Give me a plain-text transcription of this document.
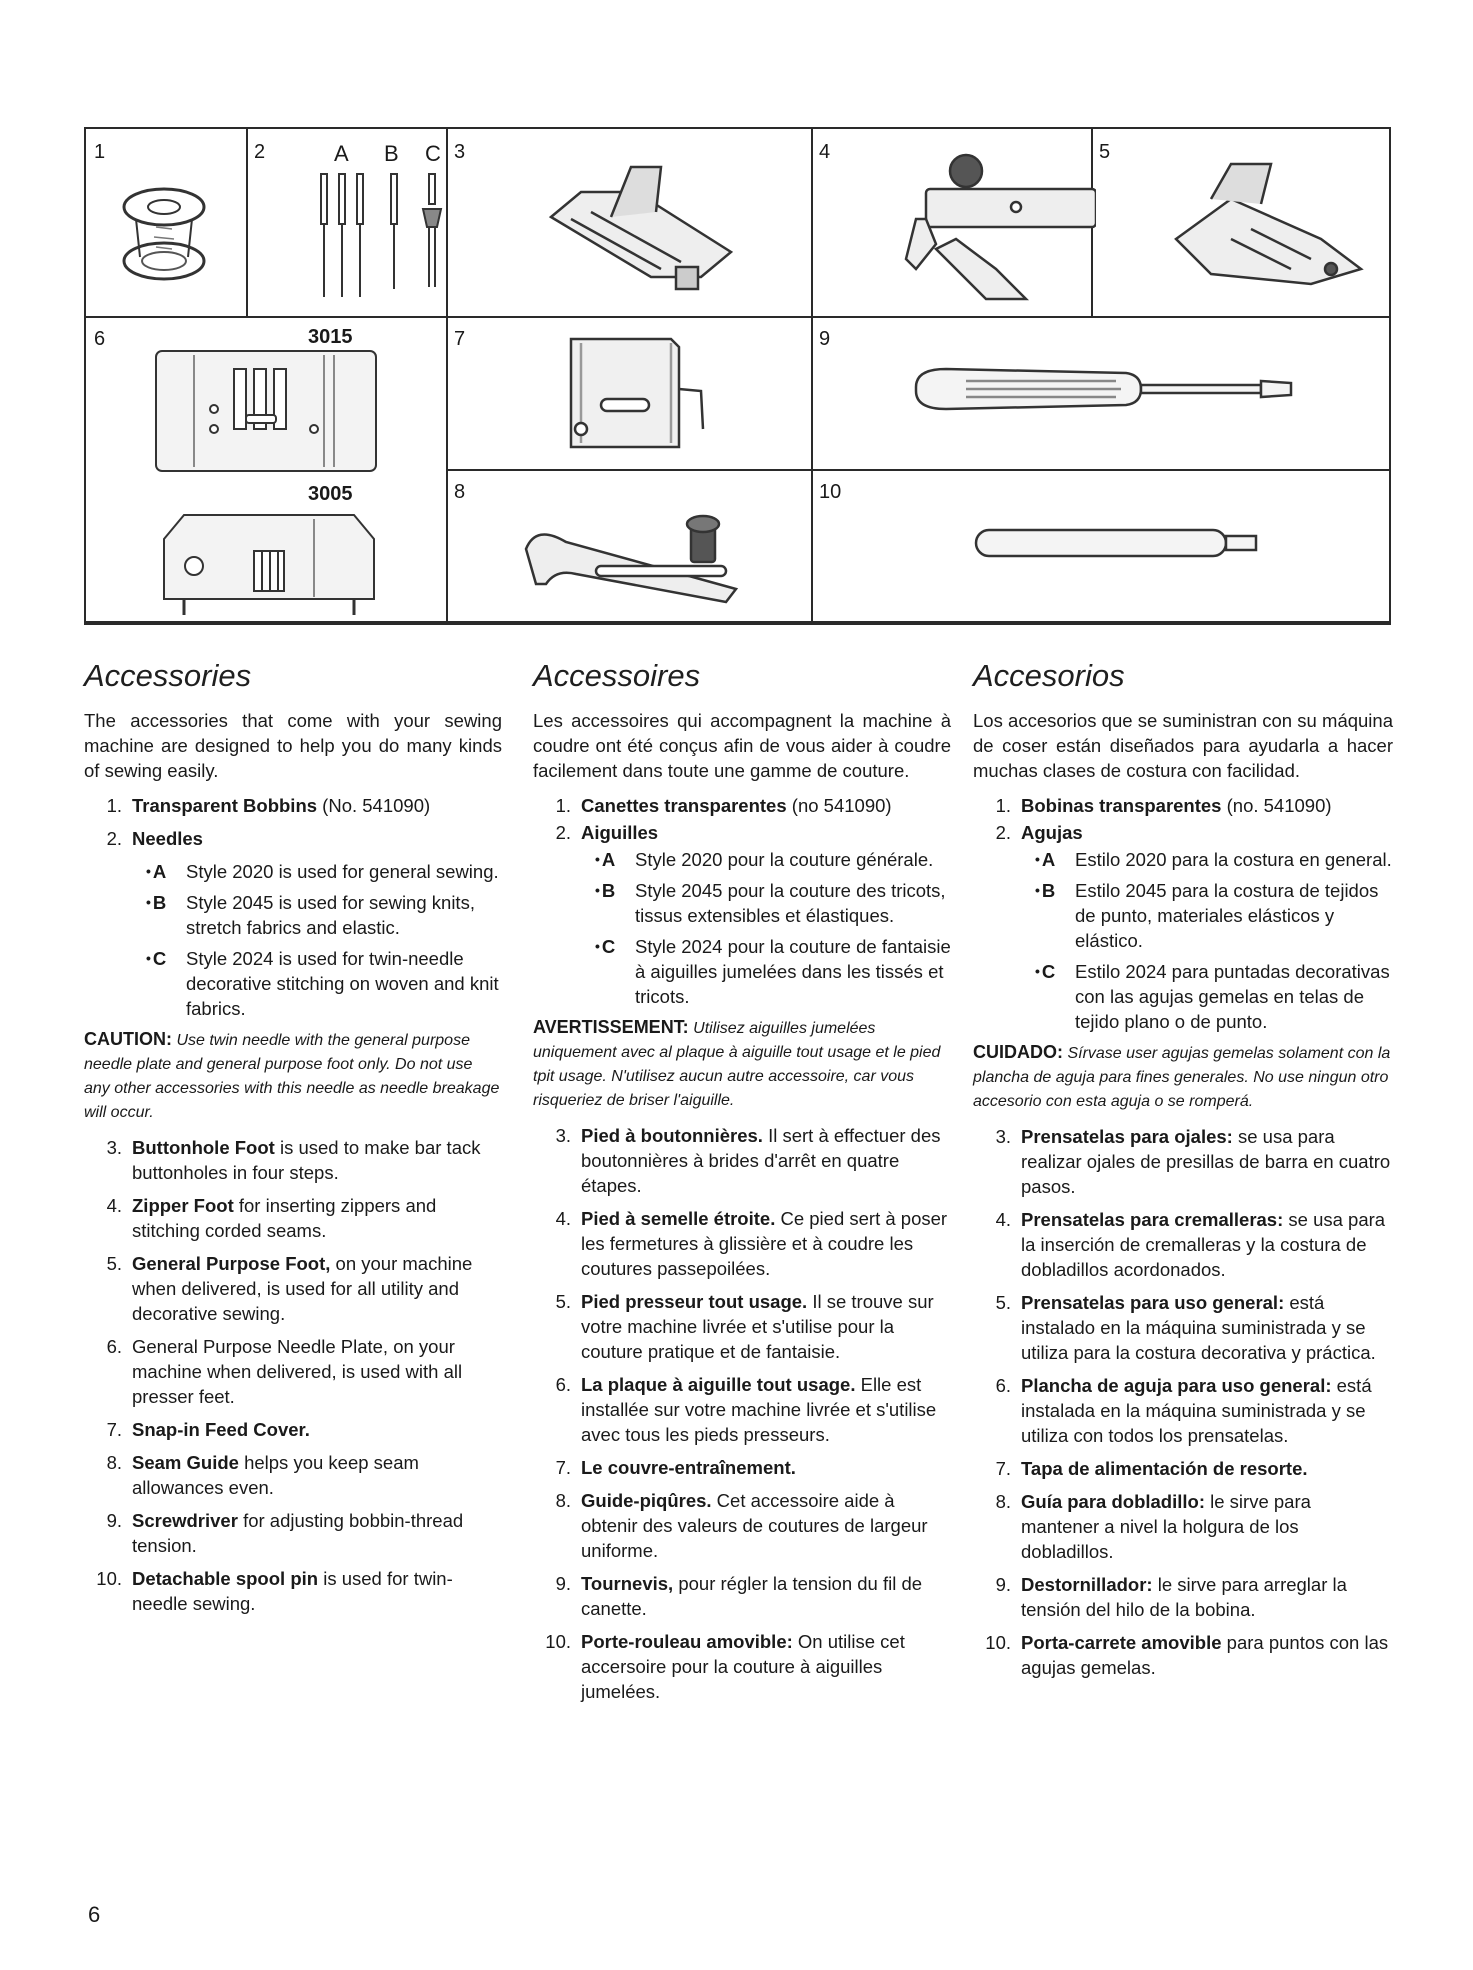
1	2	3	4	5
6	7
8
9
10
A B C
3015
3005
Accessories

The accessories that come with your sewing machine are designed to help you do many kinds of sewing easily.

1. Transparent Bobbins (No. 541090)
2. Needles
• A	Style 2020 is used for general sewing.
• B	Style 2045 is used for sewing knits, stretch fabrics and elastic.
• C	Style 2024 is used for twin-needle decorative stitching on woven and knit fabrics.
CAUTION: Use twin needle with the general purpose needle plate and general purpose foot only. Do not use any other accessories with this needle as needle breakage will occur.
3. Buttonhole Foot is used to make bar tack buttonholes in four steps.
4. Zipper Foot for inserting zippers and stitching corded seams.
5. General Purpose Foot, on your machine when delivered, is used for all utility and decorative sewing.
6. General Purpose Needle Plate, on your machine when delivered, is used with all presser feet.
7. Snap-in Feed Cover.
8. Seam Guide helps you keep seam allowances even.
9. Screwdriver for adjusting bobbin-thread tension.
10. Detachable spool pin is used for twin-needle sewing.
Accessoires

Les accessoires qui accompagnent la machine à coudre ont été conçus afin de vous aider à coudre facilement dans toute une gamme de couture.

1. Canettes transparentes (no 541090)
2. Aiguilles
• A	Style 2020 pour la couture générale.
• B	Style 2045 pour la couture des tricots, tissus extensibles et élastiques.
• C	Style 2024 pour la couture de fantaisie à aiguilles jumelées dans les tissés et tricots.
AVERTISSEMENT: Utilisez aiguilles jumelées uniquement avec al plaque à aiguille tout usage et le pied tpit usage. N'utilisez aucun autre accessoire, car vous risqueriez de briser l'aiguille.
3. Pied à boutonnières. Il sert à effectuer des boutonnières à brides d'arrêt en quatre étapes.
4. Pied à semelle étroite. Ce pied sert à poser les fermetures à glissière et à coudre les coutures passepoilées.
5. Pied presseur tout usage. Il se trouve sur votre machine livrée et s'utilise pour la couture pratique et de fantaisie.
6. La plaque à aiguille tout usage. Elle est installée sur votre machine livrée et s'utilise avec tous les pieds presseurs.
7. Le couvre-entraînement.
8. Guide-piqûres. Cet accessoire aide à obtenir des valeurs de coutures de largeur uniforme.
9. Tournevis, pour régler la tension du fil de canette.
10. Porte-rouleau amovible: On utilise cet accersoire pour la couture à aiguilles jumelées.
Accesorios

Los accesorios que se suministran con su máquina de coser están diseñados para ayudarla a hacer muchas clases de costura con facilidad.

1. Bobinas transparentes (no. 541090)
2. Agujas
• A	Estilo 2020 para la costura en general.
• B	Estilo 2045 para la costura de tejidos de punto, materiales elásticos y elástico.
• C	Estilo 2024 para puntadas decorativas con las agujas gemelas en telas de tejido plano o de punto.
CUIDADO: Sírvase user agujas gemelas solament con la plancha de aguja para fines generales. No use ningun otro accesorio con esta aguja o se romperá.
3. Prensatelas para ojales: se usa para realizar ojales de presillas de barra en cuatro pasos.
4. Prensatelas para cremalleras: se usa para la inserción de cremalleras y la costura de dobladillos acordonados.
5. Prensatelas para uso general: está instalado en la máquina suministrada y se utiliza para la costura decorativa y práctica.
6. Plancha de aguja para uso general: está instalada en la máquina suministrada y se utiliza con todos los prensatelas.
7. Tapa de alimentación de resorte.
8. Guía para dobladillo: le sirve para mantener a nivel la holgura de los dobladillos.
9. Destornillador: le sirve para arreglar la tensión del hilo de la bobina.
10. Porta-carrete amovible para puntos con las agujas gemelas.
6
